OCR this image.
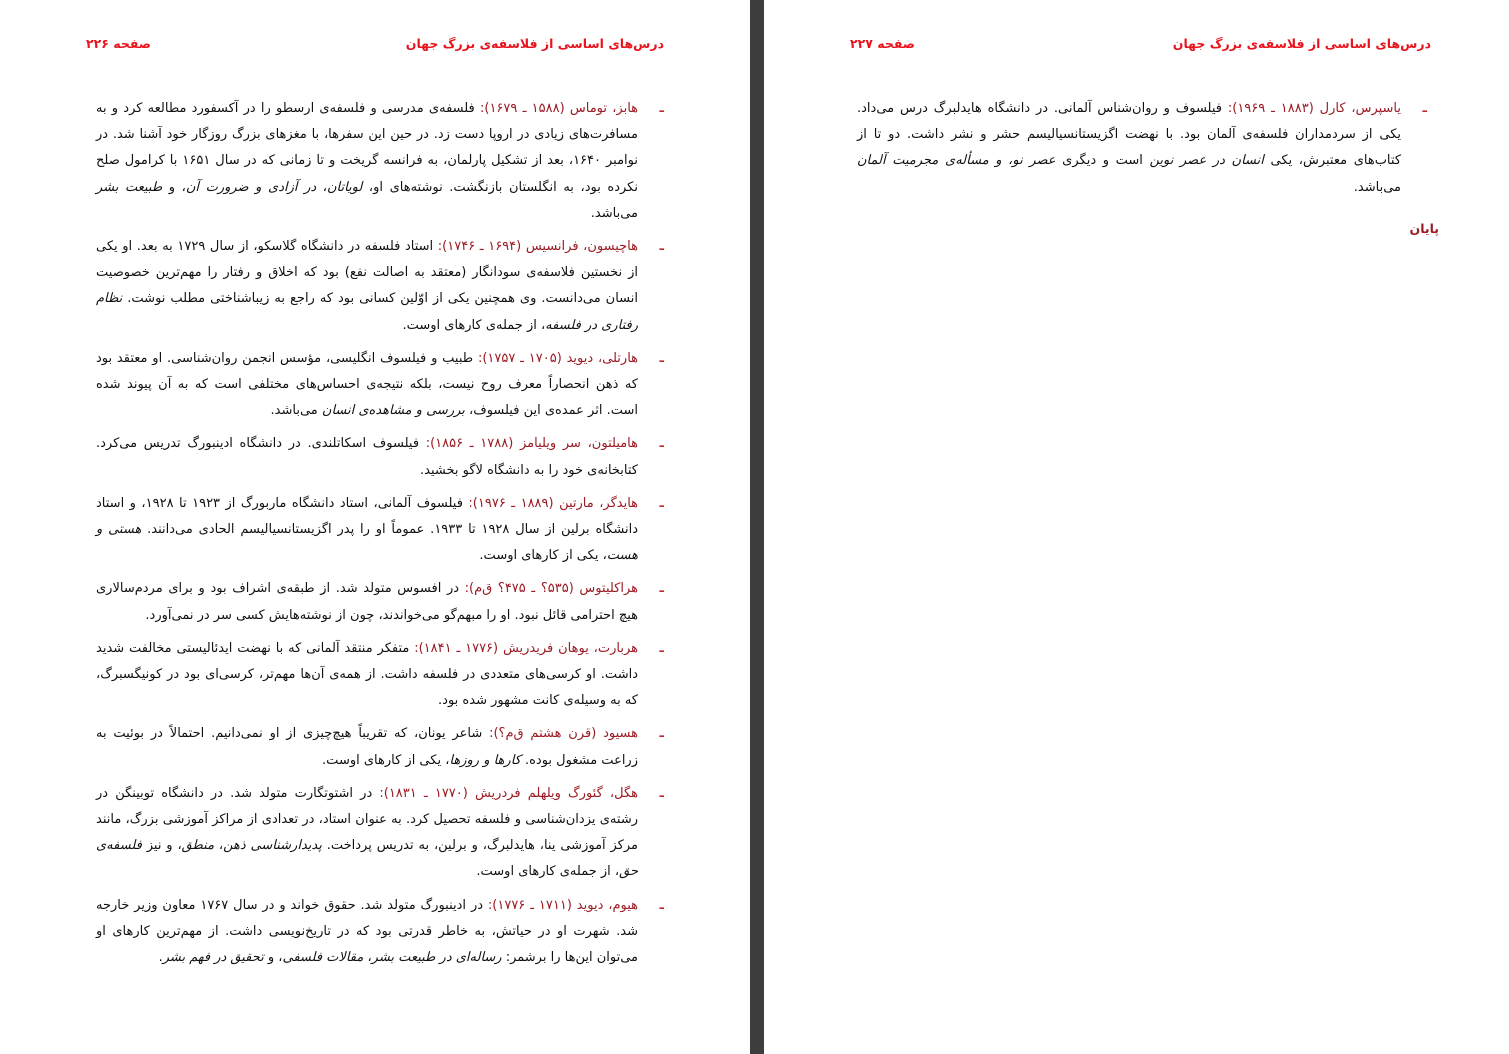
درس‌های اساسی از فلاسفه‌ی بزرگ جهان
صفحه ۲۲۶

ـ
هابز، توماس (۱۵۸۸ ـ ۱۶۷۹): فلسفه‌ی مدرسی و فلسفه‌ی ارسطو را در آکسفورد مطالعه کرد و به مسافرت‌های زیادی در اروپا دست زد. در حین این سفرها، با مغزهای بزرگ روزگار خود آشنا شد. در نوامبر ۱۶۴۰، بعد از تشکیل پارلمان، به فرانسه گریخت و تا زمانی که در سال ۱۶۵۱ با کرامول صلح نکرده بود، به انگلستان بازنگشت. نوشته‌های او، لویاتان، در آزادی و ضرورت آن، و طبیعت بشر می‌باشد.

ـ
هاچیسون، فرانسیس (۱۶۹۴ ـ ۱۷۴۶): استاد فلسفه در دانشگاه گلاسکو، از سال ۱۷۲۹ به بعد. او یکی از نخستین فلاسفه‌ی سودانگار (معتقد به اصالت نفع) بود که اخلاق و رفتار را مهم‌ترین خصوصیت انسان می‌دانست. وی همچنین یکی از اوّلین کسانی بود که راجع به زیباشناختی مطلب نوشت. نظام رفتاری در فلسفه، از جمله‌ی کارهای اوست.

ـ
هارتلی، دیوید (۱۷۰۵ ـ ۱۷۵۷): طبیب و فیلسوف انگلیسی، مؤسس انجمن روان‌شناسی. او معتقد بود که ذهن انحصاراً معرف روح نیست، بلکه نتیجه‌ی احساس‌های مختلفی است که به آن پیوند شده است. اثر عمده‌ی این فیلسوف، بررسی و مشاهده‌ی انسان می‌باشد.

ـ
هامیلتون، سر ویلیامز (۱۷۸۸ ـ ۱۸۵۶): فیلسوف اسکاتلندی. در دانشگاه ادینبورگ تدریس می‌کرد. کتابخانه‌ی خود را به دانشگاه لاگو بخشید.

ـ
هایدگر، مارتین (۱۸۸۹ ـ ۱۹۷۶): فیلسوف آلمانی، استاد دانشگاه ماربورگ از ۱۹۲۳ تا ۱۹۲۸، و استاد دانشگاه برلین از سال ۱۹۲۸ تا ۱۹۳۳. عموماً او را پدر اگزیستانسیالیسم الحادی می‌دانند. هستی و هست، یکی از کارهای اوست.

ـ
هراکلیتوس (۵۳۵؟ ـ ۴۷۵؟ ق‌م): در افسوس متولد شد. از طبقه‌ی اشراف بود و برای مردم‌سالاری هیچ احترامی قائل نبود. او را مبهم‌گو می‌خواندند، چون از نوشته‌هایش کسی سر در نمی‌آورد.

ـ
هربارت، یوهان فریدریش (۱۷۷۶ ـ ۱۸۴۱): متفکر منتقد آلمانی که با نهضت ایدئالیستی مخالفت شدید داشت. او کرسی‌های متعددی در فلسفه داشت. از همه‌ی آن‌ها مهم‌تر، کرسی‌ای بود در کونیگسبرگ، که به وسیله‌ی کانت مشهور شده بود.

ـ
هسیود (قرن هشتم ق‌م؟): شاعر یونان، که تقریباً هیچ‌چیزی از او نمی‌دانیم. احتمالاً در بوئیت به زراعت مشغول بوده. کارها و روزها، یکی از کارهای اوست.

ـ
هگل، گئورگ ویلهلم فردریش (۱۷۷۰ ـ ۱۸۳۱): در اشتوتگارت متولد شد. در دانشگاه توبینگن در رشته‌ی یزدان‌شناسی و فلسفه تحصیل کرد. به عنوان استاد، در تعدادی از مراکز آموزشی بزرگ، مانند مرکز آموزشی ینا، هایدلبرگ، و برلین، به تدریس پرداخت. پدیدارشناسی ذهن، منطق، و نیز فلسفه‌ی حق، از جمله‌ی کارهای اوست.

ـ
هیوم، دیوید (۱۷۱۱ ـ ۱۷۷۶): در ادینبورگ متولد شد. حقوق خواند و در سال ۱۷۶۷ معاون وزیر خارجه شد. شهرت او در حیاتش، به خاطر قدرتی بود که در تاریخ‌نویسی داشت. از مهم‌ترین کارهای او می‌توان این‌ها را برشمر: رساله‌ای در طبیعت بشر، مقالات فلسفی، و تحقیق در فهم بشر.

درس‌های اساسی از فلاسفه‌ی بزرگ جهان
صفحه ۲۲۷

ـ
یاسپرس، کارل (۱۸۸۳ ـ ۱۹۶۹): فیلسوف و روان‌شناس آلمانی. در دانشگاه هایدلبرگ درس می‌داد. یکی از سردمداران فلسفه‌ی آلمان بود. با نهضت اگزیستانسیالیسم حشر و نشر داشت. دو تا از کتاب‌های معتبرش، یکی انسان در عصر نوین است و دیگری عصر نو، و مسأله‌ی مجرمیت آلمان می‌باشد.

پایان
